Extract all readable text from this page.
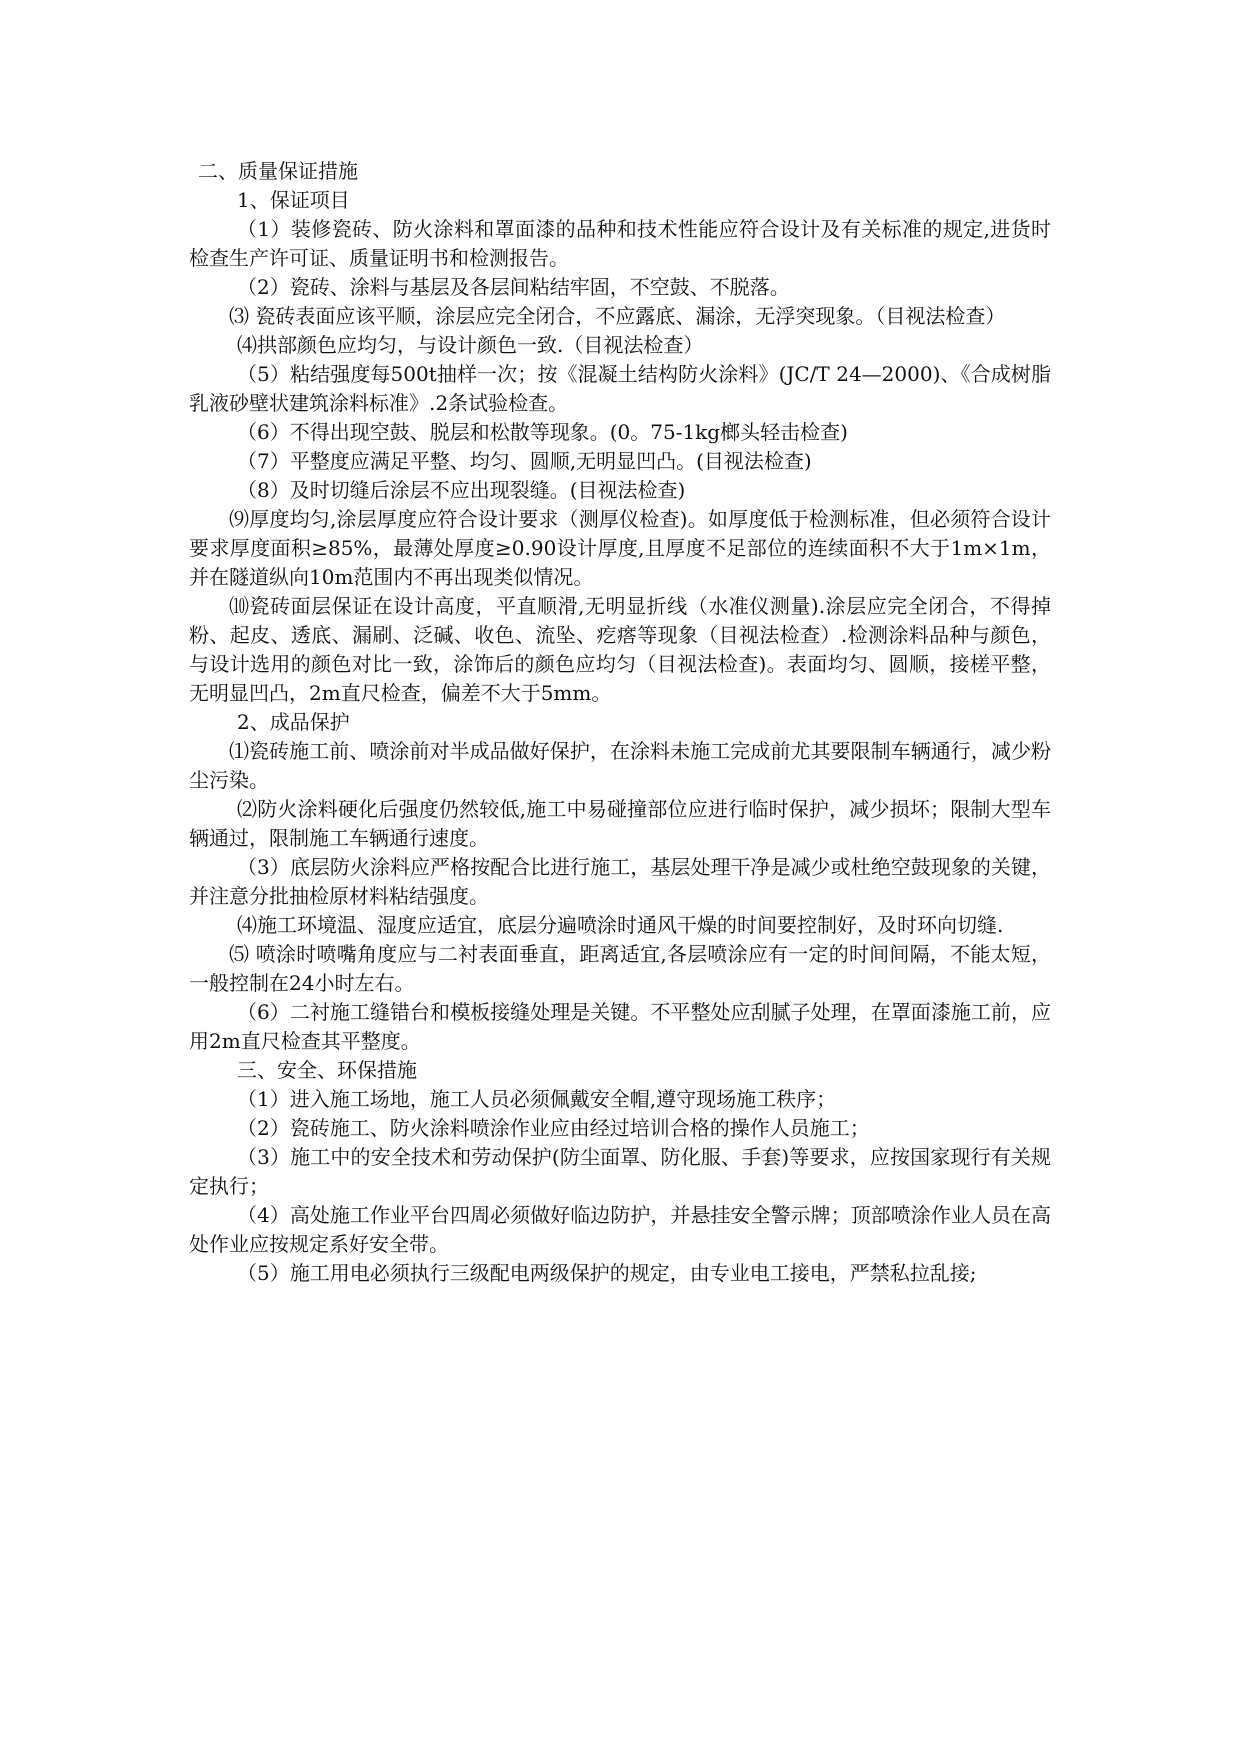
二、质量保证措施

1、保证项目

（1）装修瓷砖、防火涂料和罩面漆的品种和技术性能应符合设计及有关标准的规定,进货时检查生产许可证、质量证明书和检测报告。

（2）瓷砖、涂料与基层及各层间粘结牢固，不空鼓、不脱落。

⑶ 瓷砖表面应该平顺，涂层应完全闭合，不应露底、漏涂，无浮突现象。（目视法检查）

⑷拱部颜色应均匀，与设计颜色一致.（目视法检查）

（5）粘结强度每500t抽样一次；按《混凝土结构防火涂料》(JC/T 24—2000)、《合成树脂乳液砂壁状建筑涂料标准》.2条试验检查。

（6）不得出现空鼓、脱层和松散等现象。(0。75-1kg榔头轻击检查)

（7）平整度应满足平整、均匀、圆顺,无明显凹凸。(目视法检查)

（8）及时切缝后涂层不应出现裂缝。(目视法检查)

⑼厚度均匀,涂层厚度应符合设计要求（测厚仪检查)。如厚度低于检测标准，但必须符合设计要求厚度面积≥85%，最薄处厚度≥0.90设计厚度,且厚度不足部位的连续面积不大于1m×1m，并在隧道纵向10m范围内不再出现类似情况。

⑽瓷砖面层保证在设计高度，平直顺滑,无明显折线（水准仪测量).涂层应完全闭合，不得掉粉、起皮、透底、漏刷、泛碱、收色、流坠、疙瘩等现象（目视法检查）.检测涂料品种与颜色，与设计选用的颜色对比一致，涂饰后的颜色应均匀（目视法检查)。表面均匀、圆顺，接槎平整，无明显凹凸，2m直尺检查，偏差不大于5mm。

2、成品保护

⑴瓷砖施工前、喷涂前对半成品做好保护，在涂料未施工完成前尤其要限制车辆通行，减少粉尘污染。

⑵防火涂料硬化后强度仍然较低,施工中易碰撞部位应进行临时保护，减少损坏；限制大型车辆通过，限制施工车辆通行速度。

（3）底层防火涂料应严格按配合比进行施工，基层处理干净是减少或杜绝空鼓现象的关键，并注意分批抽检原材料粘结强度。

⑷施工环境温、湿度应适宜，底层分遍喷涂时通风干燥的时间要控制好，及时环向切缝.

⑸ 喷涂时喷嘴角度应与二衬表面垂直，距离适宜,各层喷涂应有一定的时间间隔，不能太短，一般控制在24小时左右。

（6）二衬施工缝错台和模板接缝处理是关键。不平整处应刮腻子处理，在罩面漆施工前，应用2m直尺检查其平整度。

三、安全、环保措施

（1）进入施工场地，施工人员必须佩戴安全帽,遵守现场施工秩序；

（2）瓷砖施工、防火涂料喷涂作业应由经过培训合格的操作人员施工；

（3）施工中的安全技术和劳动保护(防尘面罩、防化服、手套)等要求，应按国家现行有关规定执行；

（4）高处施工作业平台四周必须做好临边防护，并悬挂安全警示牌；顶部喷涂作业人员在高处作业应按规定系好安全带。

（5）施工用电必须执行三级配电两级保护的规定，由专业电工接电，严禁私拉乱接;
